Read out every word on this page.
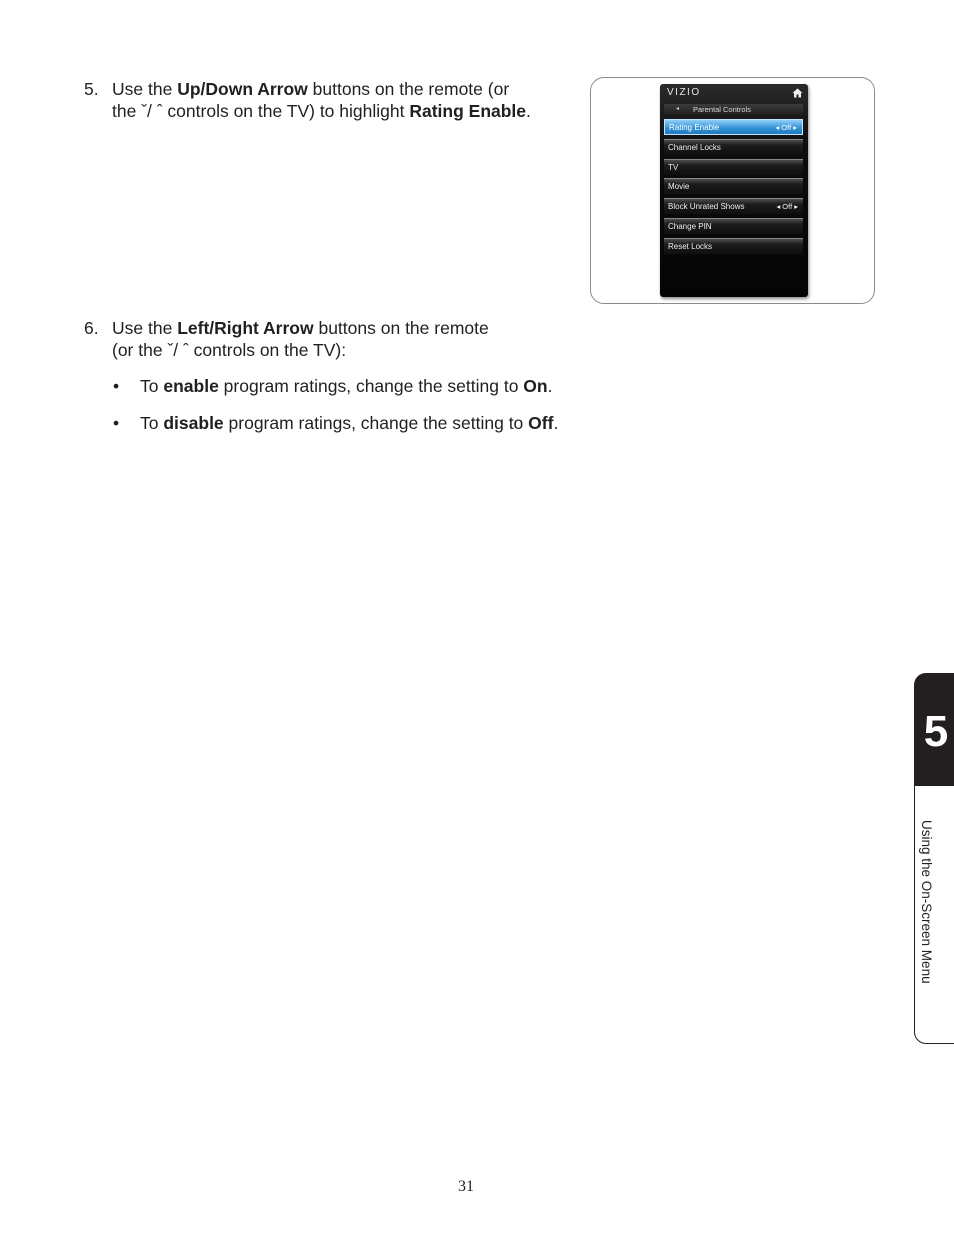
5. Use the Up/Down Arrow buttons on the remote (or
the ˇ/ ˆ controls on the TV) to highlight Rating Enable.
VIZIO
◂ Parental Controls
Rating Enable	◂ Off ▸
Channel Locks
TV
Movie
Block Unrated Shows	◂ Off ▸
Change PIN
Reset Locks
6. Use the Left/Right Arrow buttons on the remote
(or the ˇ/ ˆ controls on the TV):
• To enable program ratings, change the setting to On.
• To disable program ratings, change the setting to Off.
5
Using the On-Screen Menu
31
